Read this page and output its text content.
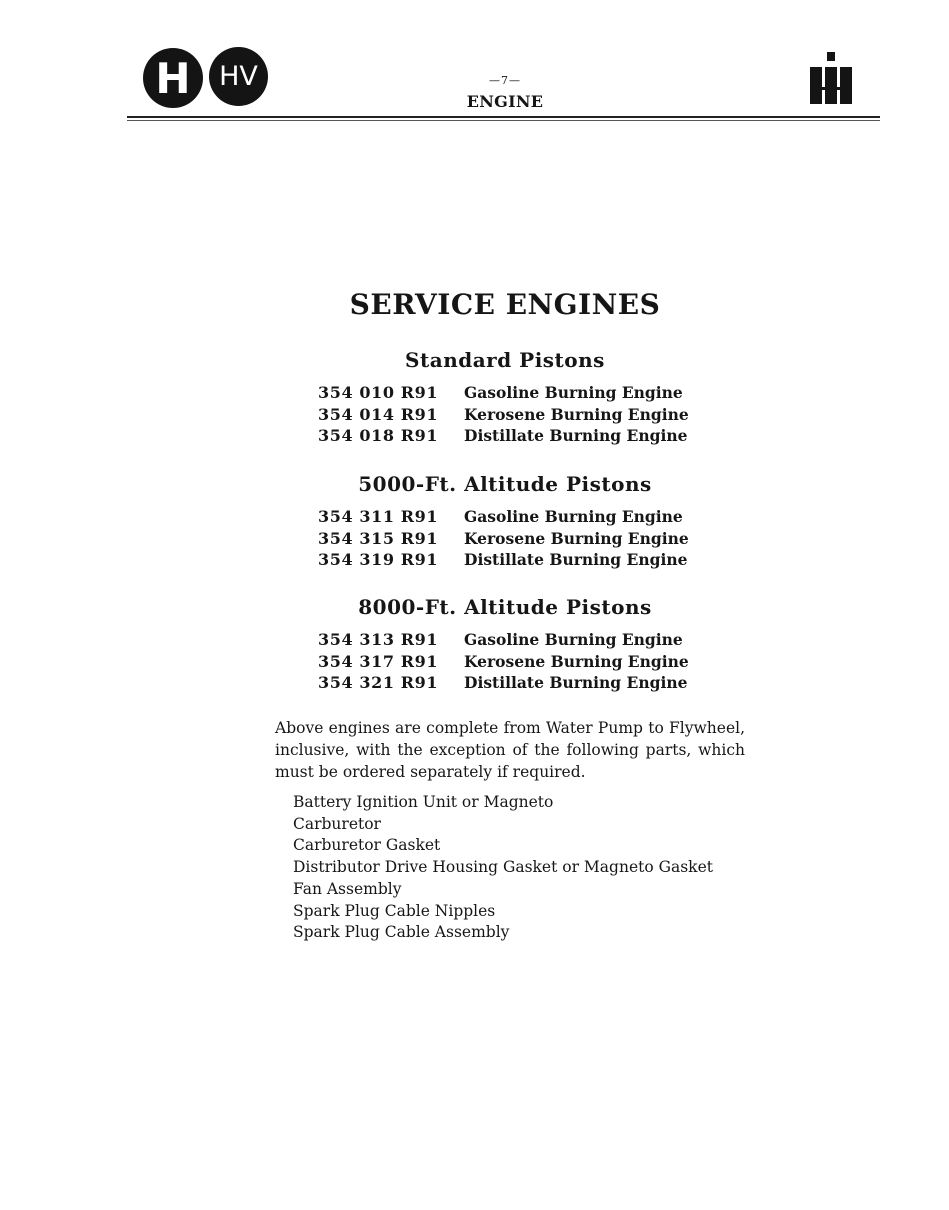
H	HV	—7—
ENGINE
SERVICE ENGINES
Standard Pistons
354 010 R91	Gasoline Burning Engine
354 014 R91	Kerosene Burning Engine
354 018 R91	Distillate Burning Engine
5000-Ft. Altitude Pistons
354 311 R91	Gasoline Burning Engine
354 315 R91	Kerosene Burning Engine
354 319 R91	Distillate Burning Engine
8000-Ft. Altitude Pistons
354 313 R91	Gasoline Burning Engine
354 317 R91	Kerosene Burning Engine
354 321 R91	Distillate Burning Engine

Above engines are complete from Water Pump to Flywheel, inclusive, with the exception of the following parts, which must be ordered separately if required.

Battery Ignition Unit or Magneto
Carburetor
Carburetor Gasket
Distributor Drive Housing Gasket or Magneto Gasket
Fan Assembly
Spark Plug Cable Nipples
Spark Plug Cable Assembly
